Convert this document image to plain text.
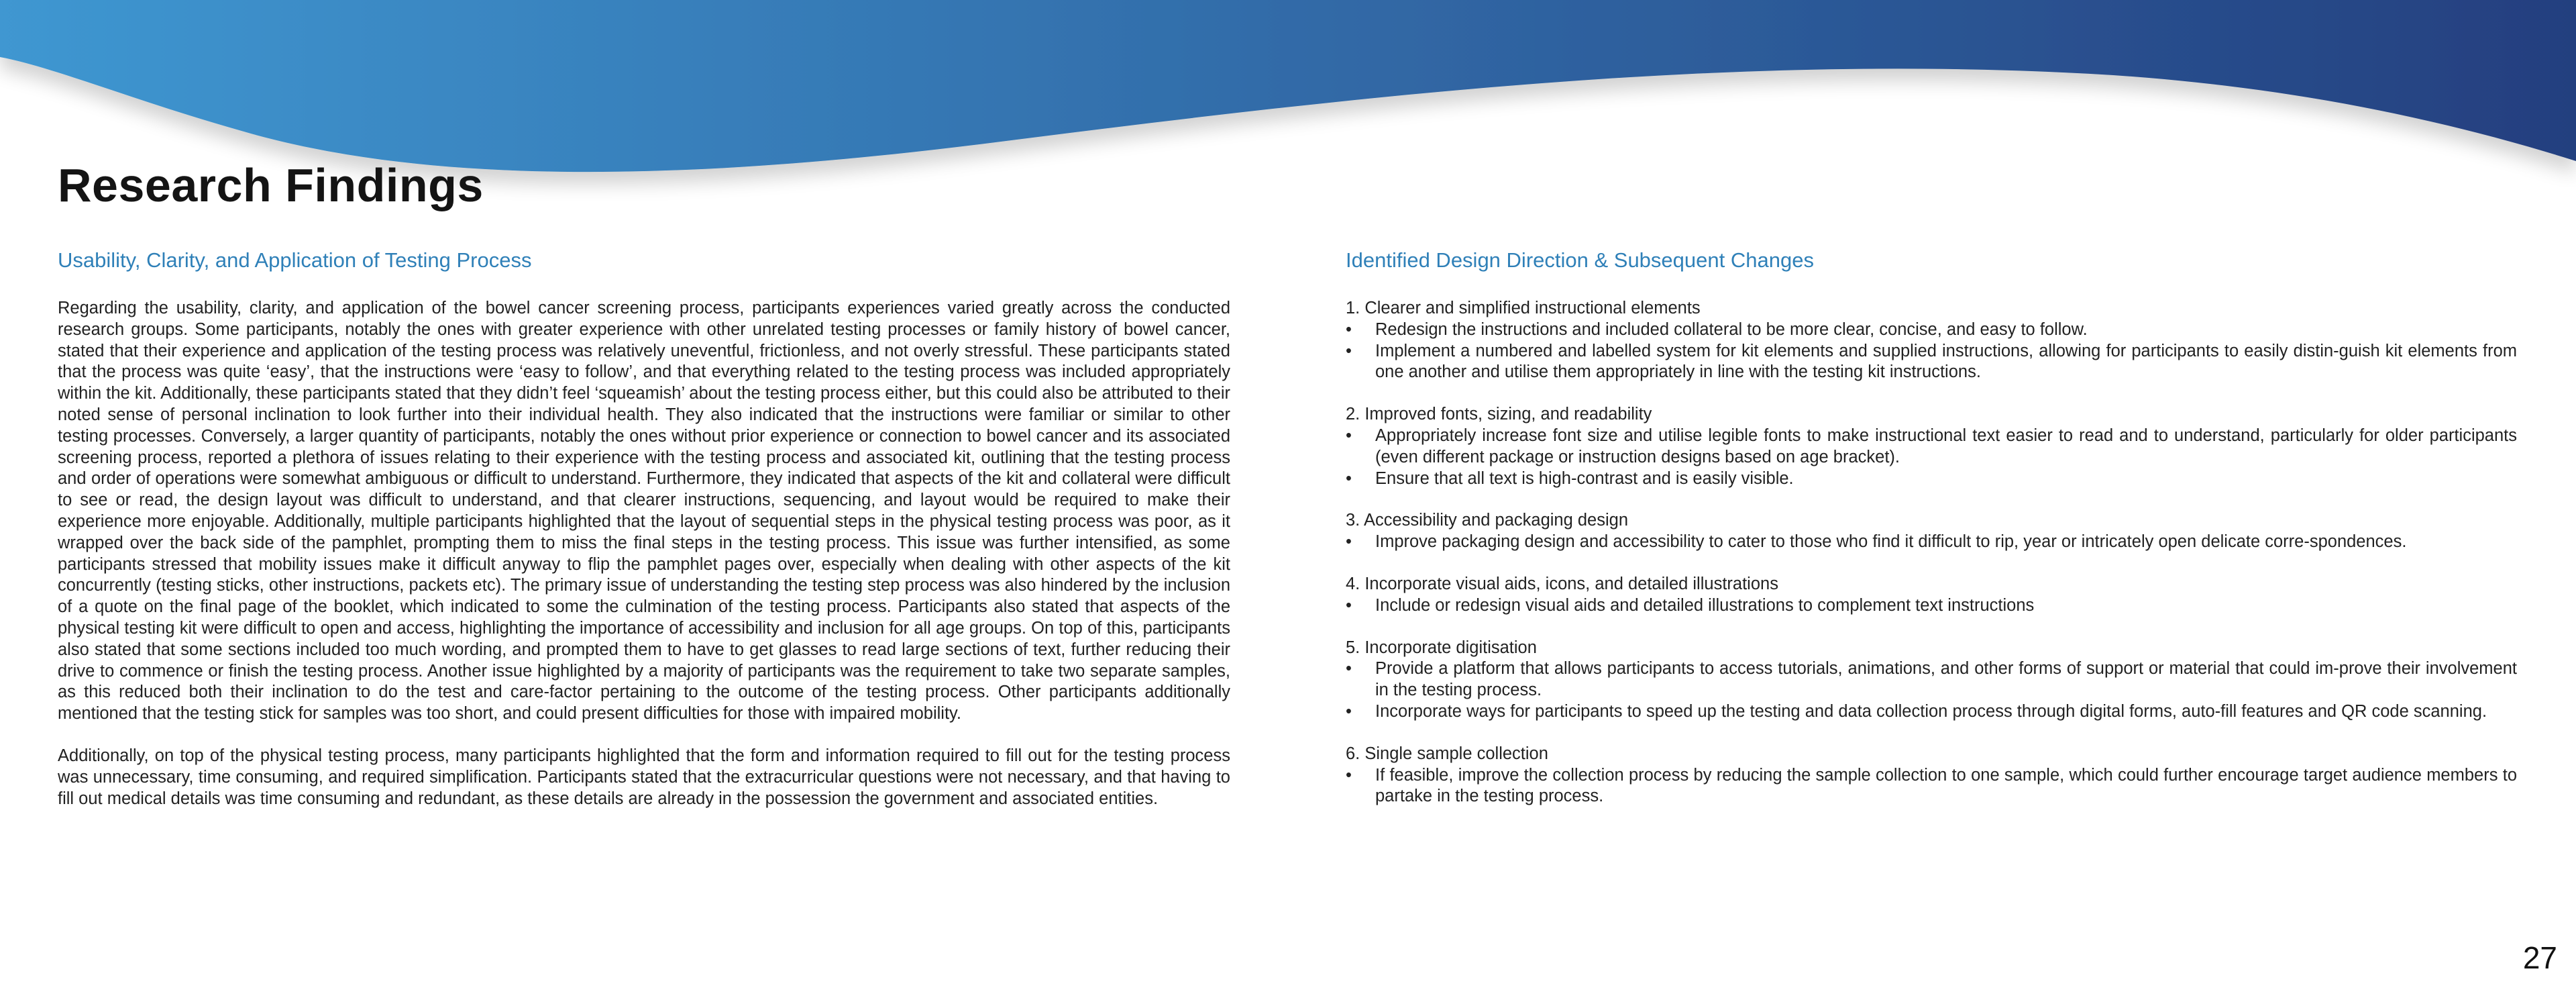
Research Findings
Usability, Clarity, and Application of Testing Process

Regarding the usability, clarity, and application of the bowel cancer screening process, participants experiences varied greatly across the conducted research groups. Some participants, notably the ones with greater experience with other unrelated testing processes or family history of bowel cancer, stated that their experience and application of the testing process was relatively uneventful, frictionless, and not overly stressful. These participants stated that the process was quite ‘easy’, that the instructions were ‘easy to follow’, and that everything related to the testing process was included appropriately within the kit. Additionally, these participants stated that they didn’t feel ‘squeamish’ about the testing process either, but this could also be attributed to their noted sense of personal inclination to look further into their individual health. They also indicated that the instructions were familiar or similar to other testing processes. Conversely, a larger quantity of participants, notably the ones without prior experience or connection to bowel cancer and its associated screening process, reported a plethora of issues relating to their experience with the testing process and associated kit, outlining that the testing process and order of operations were somewhat ambiguous or difficult to understand. Furthermore, they indicated that aspects of the kit and collateral were difficult to see or read, the design layout was difficult to understand, and that clearer instructions, sequencing, and layout would be required to make their experience more enjoyable. Additionally, multiple participants highlighted that the layout of sequential steps in the physical testing process was poor, as it wrapped over the back side of the pamphlet, prompting them to miss the final steps in the testing process. This issue was further intensified, as some participants stressed that mobility issues make it difficult anyway to flip the pamphlet pages over, especially when dealing with other aspects of the kit concurrently (testing sticks, other instructions, packets etc). The primary issue of understanding the testing step process was also hindered by the inclusion of a quote on the final page of the booklet, which indicated to some the culmination of the testing process. Participants also stated that aspects of the physical testing kit were difficult to open and access, highlighting the importance of accessibility and inclusion for all age groups. On top of this, participants also stated that some sections included too much wording, and prompted them to have to get glasses to read large sections of text, further reducing their drive to commence or finish the testing process. Another issue highlighted by a majority of participants was the requirement to take two separate samples, as this reduced both their inclination to do the test and care-factor pertaining to the outcome of the testing process. Other participants additionally mentioned that the testing stick for samples was too short, and could present difficulties for those with impaired mobility.

Additionally, on top of the physical testing process, many participants highlighted that the form and information required to fill out for the testing process was unnecessary, time consuming, and required simplification. Participants stated that the extracurricular questions were not necessary, and that having to fill out medical details was time consuming and redundant, as these details are already in the possession the government and associated entities.

Identified Design Direction & Subsequent Changes

1. Clearer and simplified instructional elements

• Redesign the instructions and included collateral to be more clear, concise, and easy to follow.
• Implement a numbered and labelled system for kit elements and supplied instructions, allowing for participants to easily distin-guish kit elements from one another and utilise them appropriately in line with the testing kit instructions.

2. Improved fonts, sizing, and readability

• Appropriately increase font size and utilise legible fonts to make instructional text easier to read and to understand, particularly for older participants (even different package or instruction designs based on age bracket).
• Ensure that all text is high-contrast and is easily visible.

3. Accessibility and packaging design

• Improve packaging design and accessibility to cater to those who find it difficult to rip, year or intricately open delicate corre-spondences.

4. Incorporate visual aids, icons, and detailed illustrations

• Include or redesign visual aids and detailed illustrations to complement text instructions

5. Incorporate digitisation

• Provide a platform that allows participants to access tutorials, animations, and other forms of support or material that could im-prove their involvement in the testing process.
• Incorporate ways for participants to speed up the testing and data collection process through digital forms, auto-fill features and QR code scanning.

6. Single sample collection

• If feasible, improve the collection process by reducing the sample collection to one sample, which could further encourage target audience members to partake in the testing process.

27
